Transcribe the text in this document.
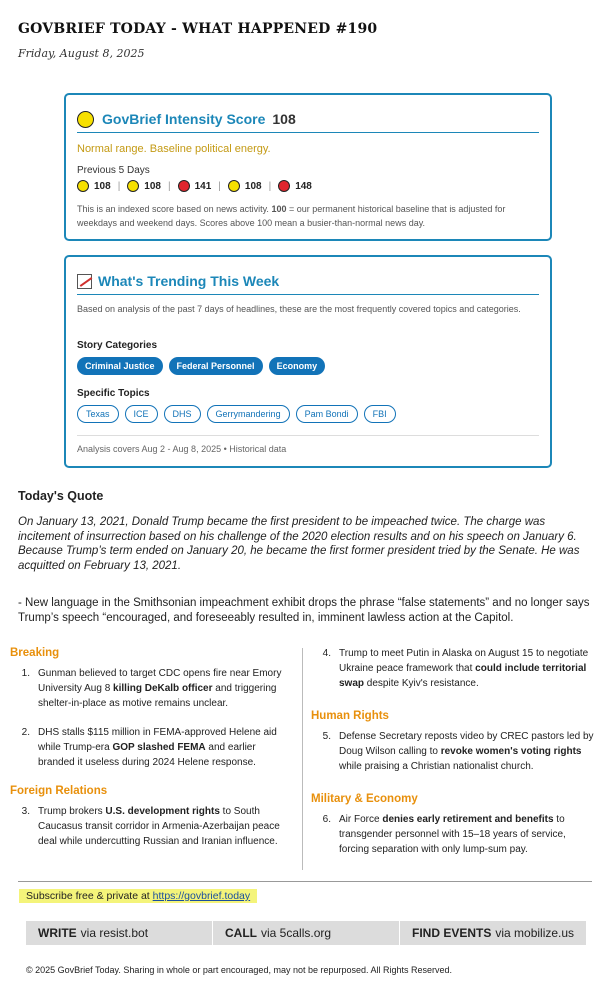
GOVBRIEF TODAY - WHAT HAPPENED #190
Friday, August 8, 2025
GovBrief Intensity Score 108
Normal range. Baseline political energy.
Previous 5 Days
108 | 108 | 141 | 108 | 148
This is an indexed score based on news activity. 100 = our permanent historical baseline that is adjusted for weekdays and weekend days. Scores above 100 mean a busier-than-normal news day.
What's Trending This Week
Based on analysis of the past 7 days of headlines, these are the most frequently covered topics and categories.
Story Categories
Criminal Justice	Federal Personnel	Economy
Specific Topics
Texas	ICE	DHS	Gerrymandering	Pam Bondi	FBI
Analysis covers Aug 2 - Aug 8, 2025 • Historical data
Today's Quote
On January 13, 2021, Donald Trump became the first president to be impeached twice. The charge was incitement of insurrection based on his challenge of the 2020 election results and on his speech on January 6. Because Trump’s term ended on January 20, he became the first former president tried by the Senate. He was acquitted on February 13, 2021.
- New language in the Smithsonian impeachment exhibit drops the phrase “false statements” and no longer says Trump’s speech “encouraged, and foreseeably resulted in, imminent lawless action at the Capitol.
Breaking
1. Gunman believed to target CDC opens fire near Emory University Aug 8 killing DeKalb officer and triggering shelter-in-place as motive remains unclear.
2. DHS stalls $115 million in FEMA-approved Helene aid while Trump-era GOP slashed FEMA and earlier branded it useless during 2024 Helene response.
Foreign Relations
3. Trump brokers U.S. development rights to South Caucasus transit corridor in Armenia-Azerbaijan peace deal while undercutting Russian and Iranian influence.
4. Trump to meet Putin in Alaska on August 15 to negotiate Ukraine peace framework that could include territorial swap despite Kyiv's resistance.
Human Rights
5. Defense Secretary reposts video by CREC pastors led by Doug Wilson calling to revoke women's voting rights while praising a Christian nationalist church.
Military & Economy
6. Air Force denies early retirement and benefits to transgender personnel with 15–18 years of service, forcing separation with only lump-sum pay.
Subscribe free & private at https://govbrief.today
WRITE via resist.bot	CALL via 5calls.org	FIND EVENTS via mobilize.us
© 2025 GovBrief Today. Sharing in whole or part encouraged, may not be repurposed. All Rights Reserved.
